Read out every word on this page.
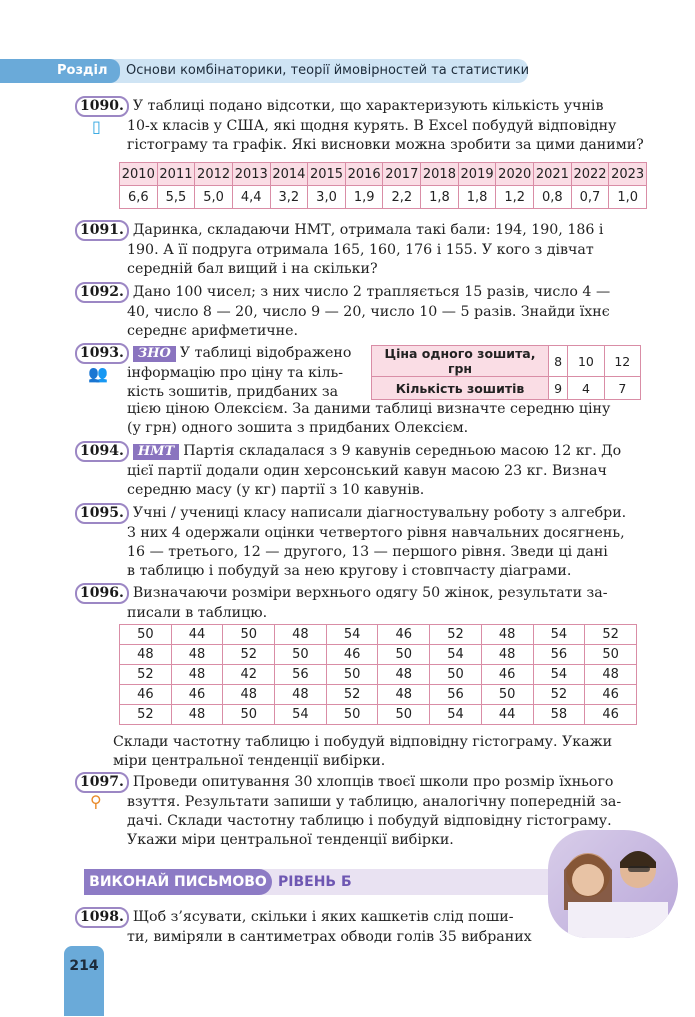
Розділ 4
Основи комбінаторики, теорії ймовірностей та статистики
1090. У таблиці подано відсотки, що характеризують кількість учнів
10-х класів у США, які щодня курять. В Excel побудуй відповідну
гістограму та графік. Які висновки можна зробити за цими даними?
▯
2010	2011	2012	2013	2014	2015	2016	2017	2018	2019	2020	2021	2022	2023
6,6	5,5	5,0	4,4	3,2	3,0	1,9	2,2	1,8	1,8	1,2	0,8	0,7	1,0
1091. Даринка, складаючи НМТ, отримала такі бали: 194, 190, 186 і
190. А її подруга отримала 165, 160, 176 і 155. У кого з дівчат
середній бал вищий і на скільки?
1092. Дано 100 чисел; з них число 2 трапляється 15 разів, число 4 —
40, число 8 — 20, число 9 — 20, число 10 — 5 разів. Знайди їхнє
середнє арифметичне.
1093. ЗНО У таблиці відображено
інформацію про ціну та кіль-
кість зошитів, придбаних за
👥
цією ціною Олексієм. За даними таблиці визначте середню ціну
(у грн) одного зошита з придбаних Олексієм.
Ціна одного зошита, грн	8	10	12
Кількість зошитів	9	4	7
1094. НМТ Партія складалася з 9 кавунів середньою масою 12 кг. До
цієї партії додали один херсонський кавун масою 23 кг. Визнач
середню масу (у кг) партії з 10 кавунів.
1095. Учні / учениці класу написали діагностувальну роботу з алгебри.
З них 4 одержали оцінки четвертого рівня навчальних досягнень,
16 — третього, 12 — другого, 13 — першого рівня. Зведи ці дані
в таблицю і побудуй за нею кругову і стовпчасту діаграми.
1096. Визначаючи розміри верхнього одягу 50 жінок, результати за-
писали в таблицю.
50	44	50	48	54	46	52	48	54	52
48	48	52	50	46	50	54	48	56	50
52	48	42	56	50	48	50	46	54	48
46	46	48	48	52	48	56	50	52	46
52	48	50	54	50	50	54	44	58	46
Склади частотну таблицю і побудуй відповідну гістограму. Укажи
міри центральної тенденції вибірки.
1097. Проведи опитування 30 хлопців твоєї школи про розмір їхнього
взуття. Результати запиши у таблицю, аналогічну попередній за-
дачі. Склади частотну таблицю і побудуй відповідну гістограму.
Укажи міри центральної тенденції вибірки.
⚲
ВИКОНАЙ ПИСЬМОВО РІВЕНЬ Б
1098. Щоб з’ясувати, скільки і яких кашкетів слід поши-
ти, виміряли в сантиметрах обводи голів 35 вибраних
214
